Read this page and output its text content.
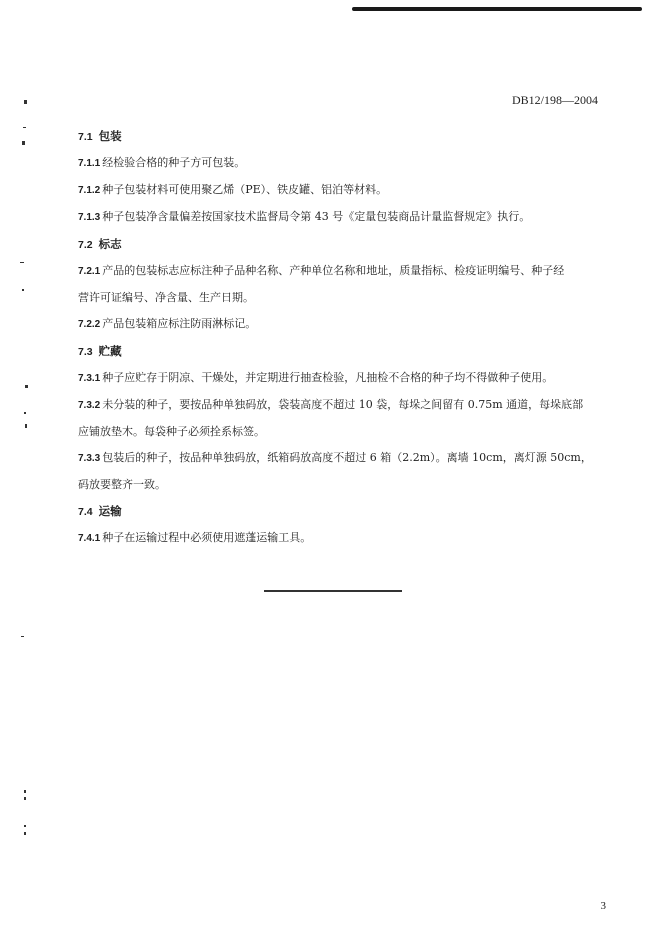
DB12/198—2004
7.1 包装
7.1.1 经检验合格的种子方可包装。
7.1.2 种子包装材料可使用聚乙烯（PE）、铁皮罐、铝泊等材料。
7.1.3 种子包装净含量偏差按国家技术监督局令第 43 号《定量包装商品计量监督规定》执行。
7.2 标志
7.2.1 产品的包装标志应标注种子品种名称、产种单位名称和地址，质量指标、检疫证明编号、种子经
营许可证编号、净含量、生产日期。
7.2.2 产品包装箱应标注防雨淋标记。
7.3 贮藏
7.3.1 种子应贮存于阴凉、干燥处，并定期进行抽查检验，凡抽检不合格的种子均不得做种子使用。
7.3.2 未分装的种子，要按品种单独码放，袋装高度不超过 10 袋，每垛之间留有 0.75m 通道，每垛底部
应铺放垫木。每袋种子必须拴系标签。
7.3.3 包装后的种子，按品种单独码放，纸箱码放高度不超过 6 箱（2.2m）。离墙 10cm，离灯源 50cm，
码放要整齐一致。
7.4 运输
7.4.1 种子在运输过程中必须使用遮蓬运输工具。
3
